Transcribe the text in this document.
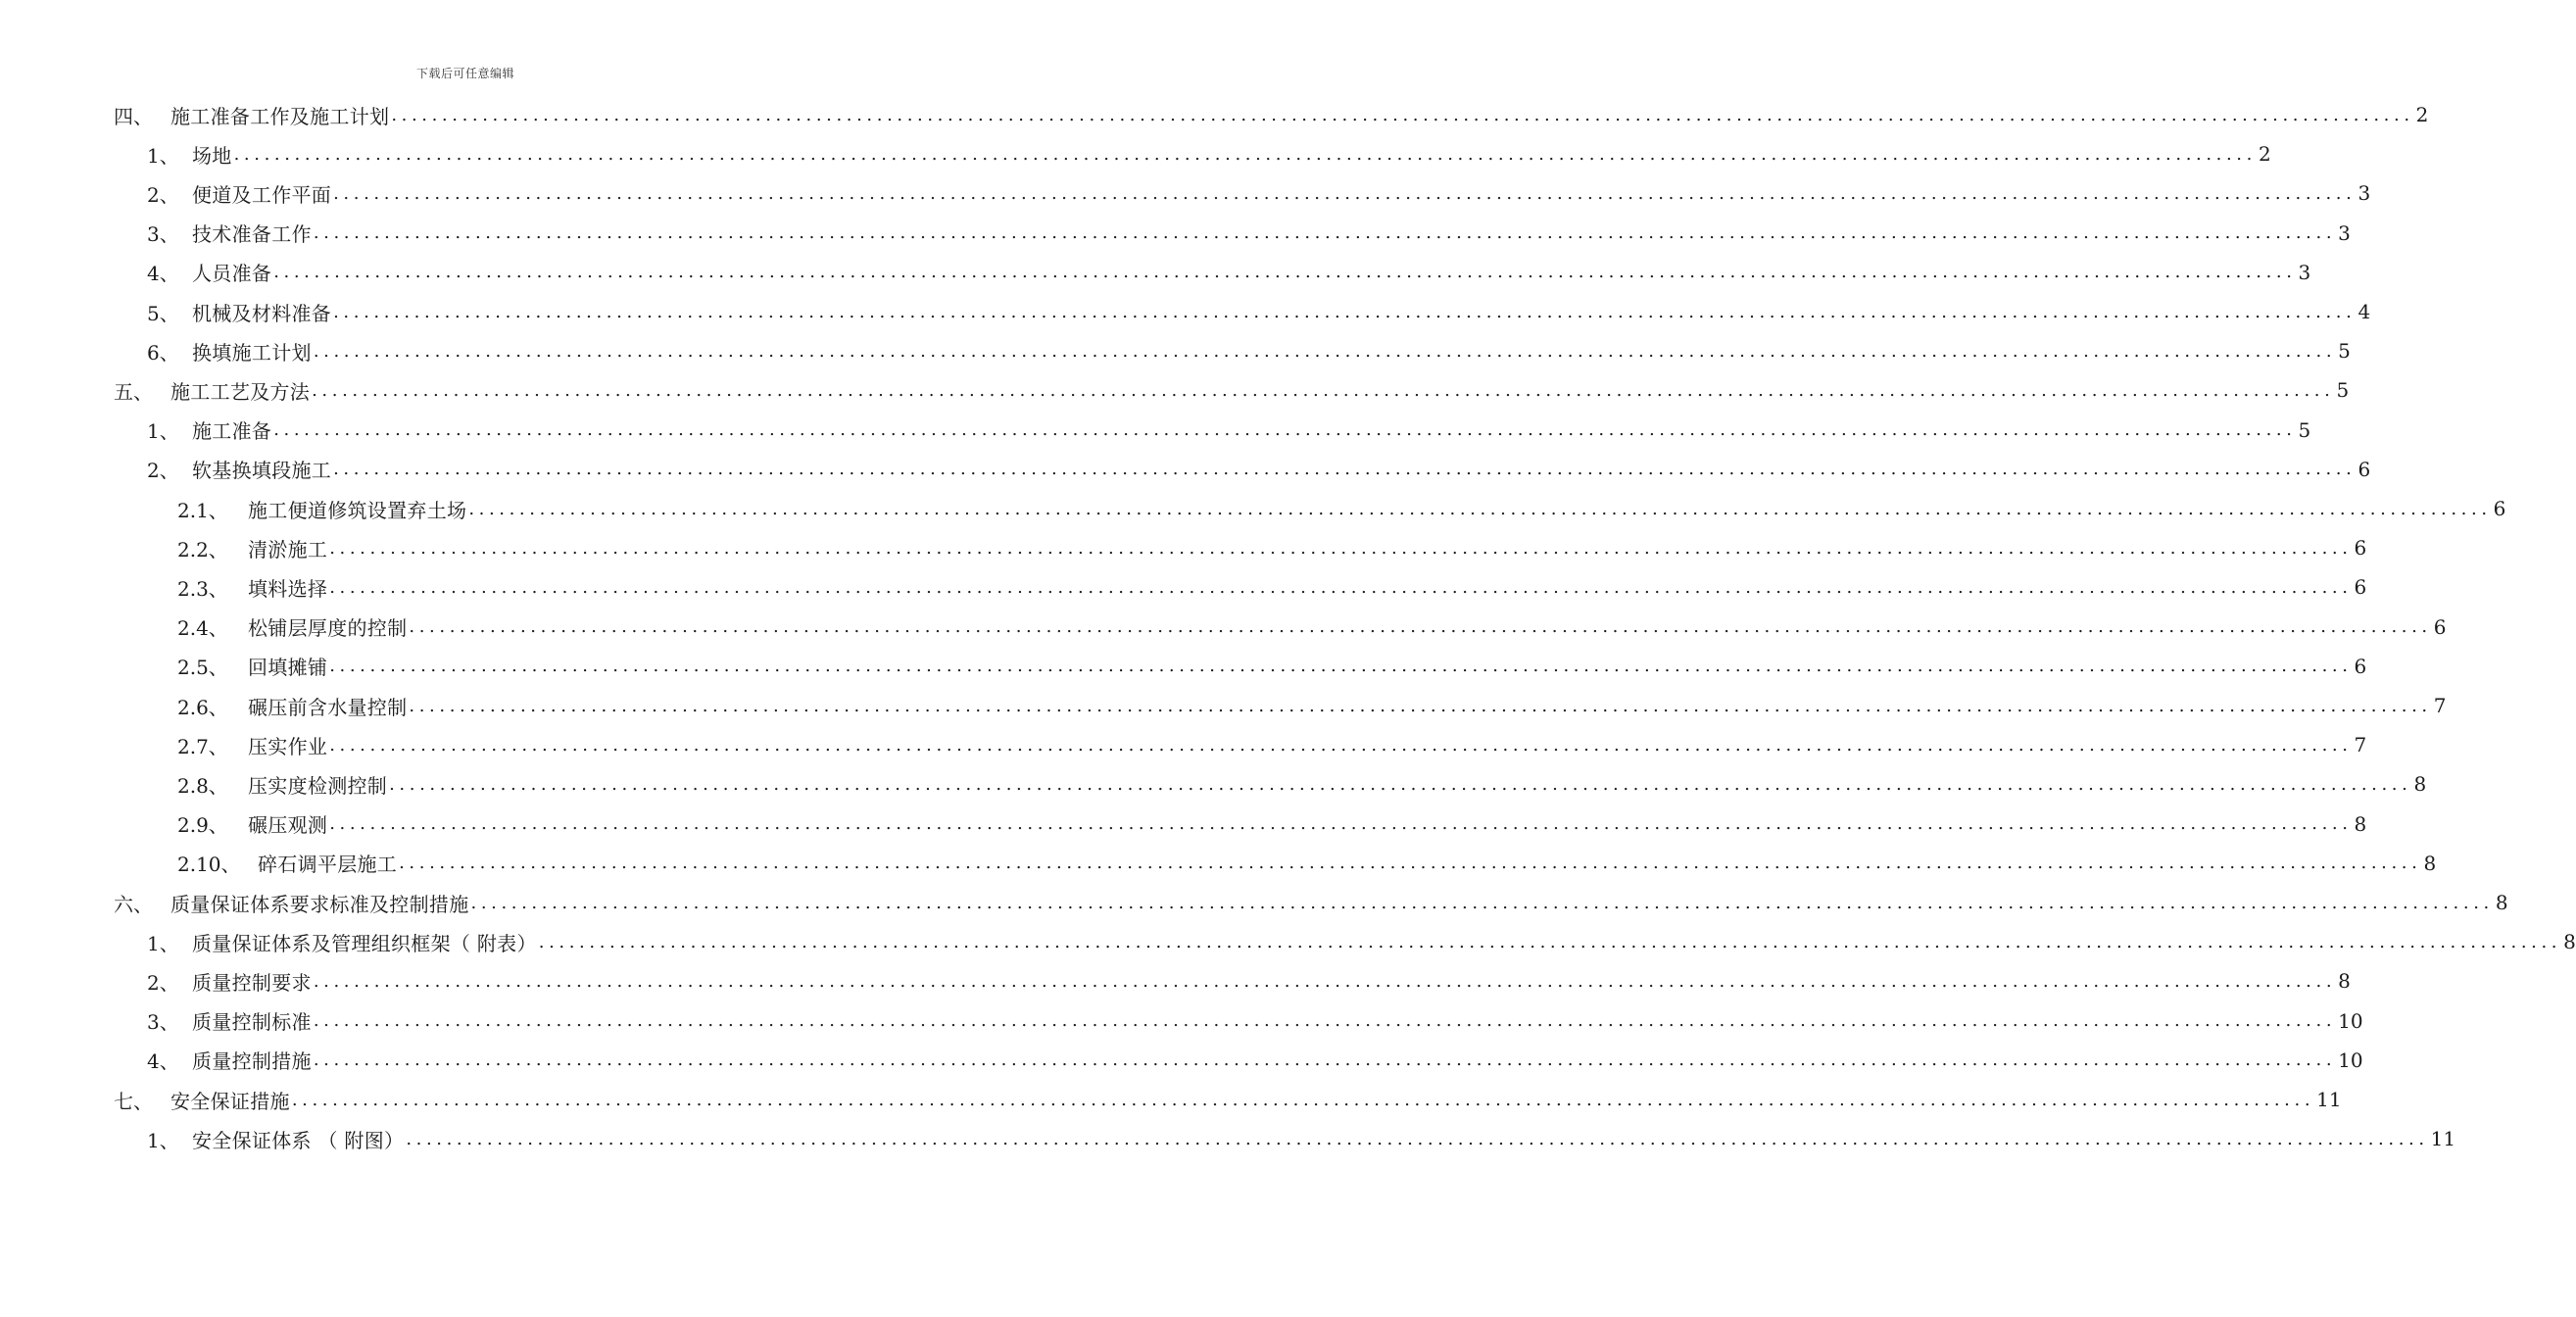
下载后可任意编辑
四、 施工准备工作及施工计划 ........................................................................................................................................................................................................ 2
1、 场地 ........................................................................................................................................................................................................ 2
2、 便道及工作平面 ........................................................................................................................................................................................................ 3
3、 技术准备工作 ........................................................................................................................................................................................................ 3
4、 人员准备 ........................................................................................................................................................................................................ 3
5、 机械及材料准备 ........................................................................................................................................................................................................ 4
6、 换填施工计划 ........................................................................................................................................................................................................ 5
五、 施工工艺及方法 ........................................................................................................................................................................................................ 5
1、 施工准备 ........................................................................................................................................................................................................ 5
2、 软基换填段施工 ........................................................................................................................................................................................................ 6
2.1、	施工便道修筑设置弃土场 ........................................................................................................................................................................................................ 6
2.2、	清淤施工 ........................................................................................................................................................................................................ 6
2.3、	填料选择 ........................................................................................................................................................................................................ 6
2.4、	松铺层厚度的控制 ........................................................................................................................................................................................................ 6
2.5、	回填摊铺 ........................................................................................................................................................................................................ 6
2.6、	碾压前含水量控制 ........................................................................................................................................................................................................ 7
2.7、	压实作业 ........................................................................................................................................................................................................ 7
2.8、	压实度检测控制 ........................................................................................................................................................................................................ 8
2.9、	碾压观测 ........................................................................................................................................................................................................ 8
2.10、 碎石调平层施工 ........................................................................................................................................................................................................ 8
六、 质量保证体系要求标准及控制措施 ........................................................................................................................................................................................................ 8
1、 质量保证体系及管理组织框架（ 附表） ........................................................................................................................................................................................................ 8
2、 质量控制要求 ........................................................................................................................................................................................................ 8
3、 质量控制标准 ........................................................................................................................................................................................................ 10
4、 质量控制措施 ........................................................................................................................................................................................................ 10
七、 安全保证措施 ........................................................................................................................................................................................................ 11
1、 安全保证体系 （ 附图） ........................................................................................................................................................................................................ 11
